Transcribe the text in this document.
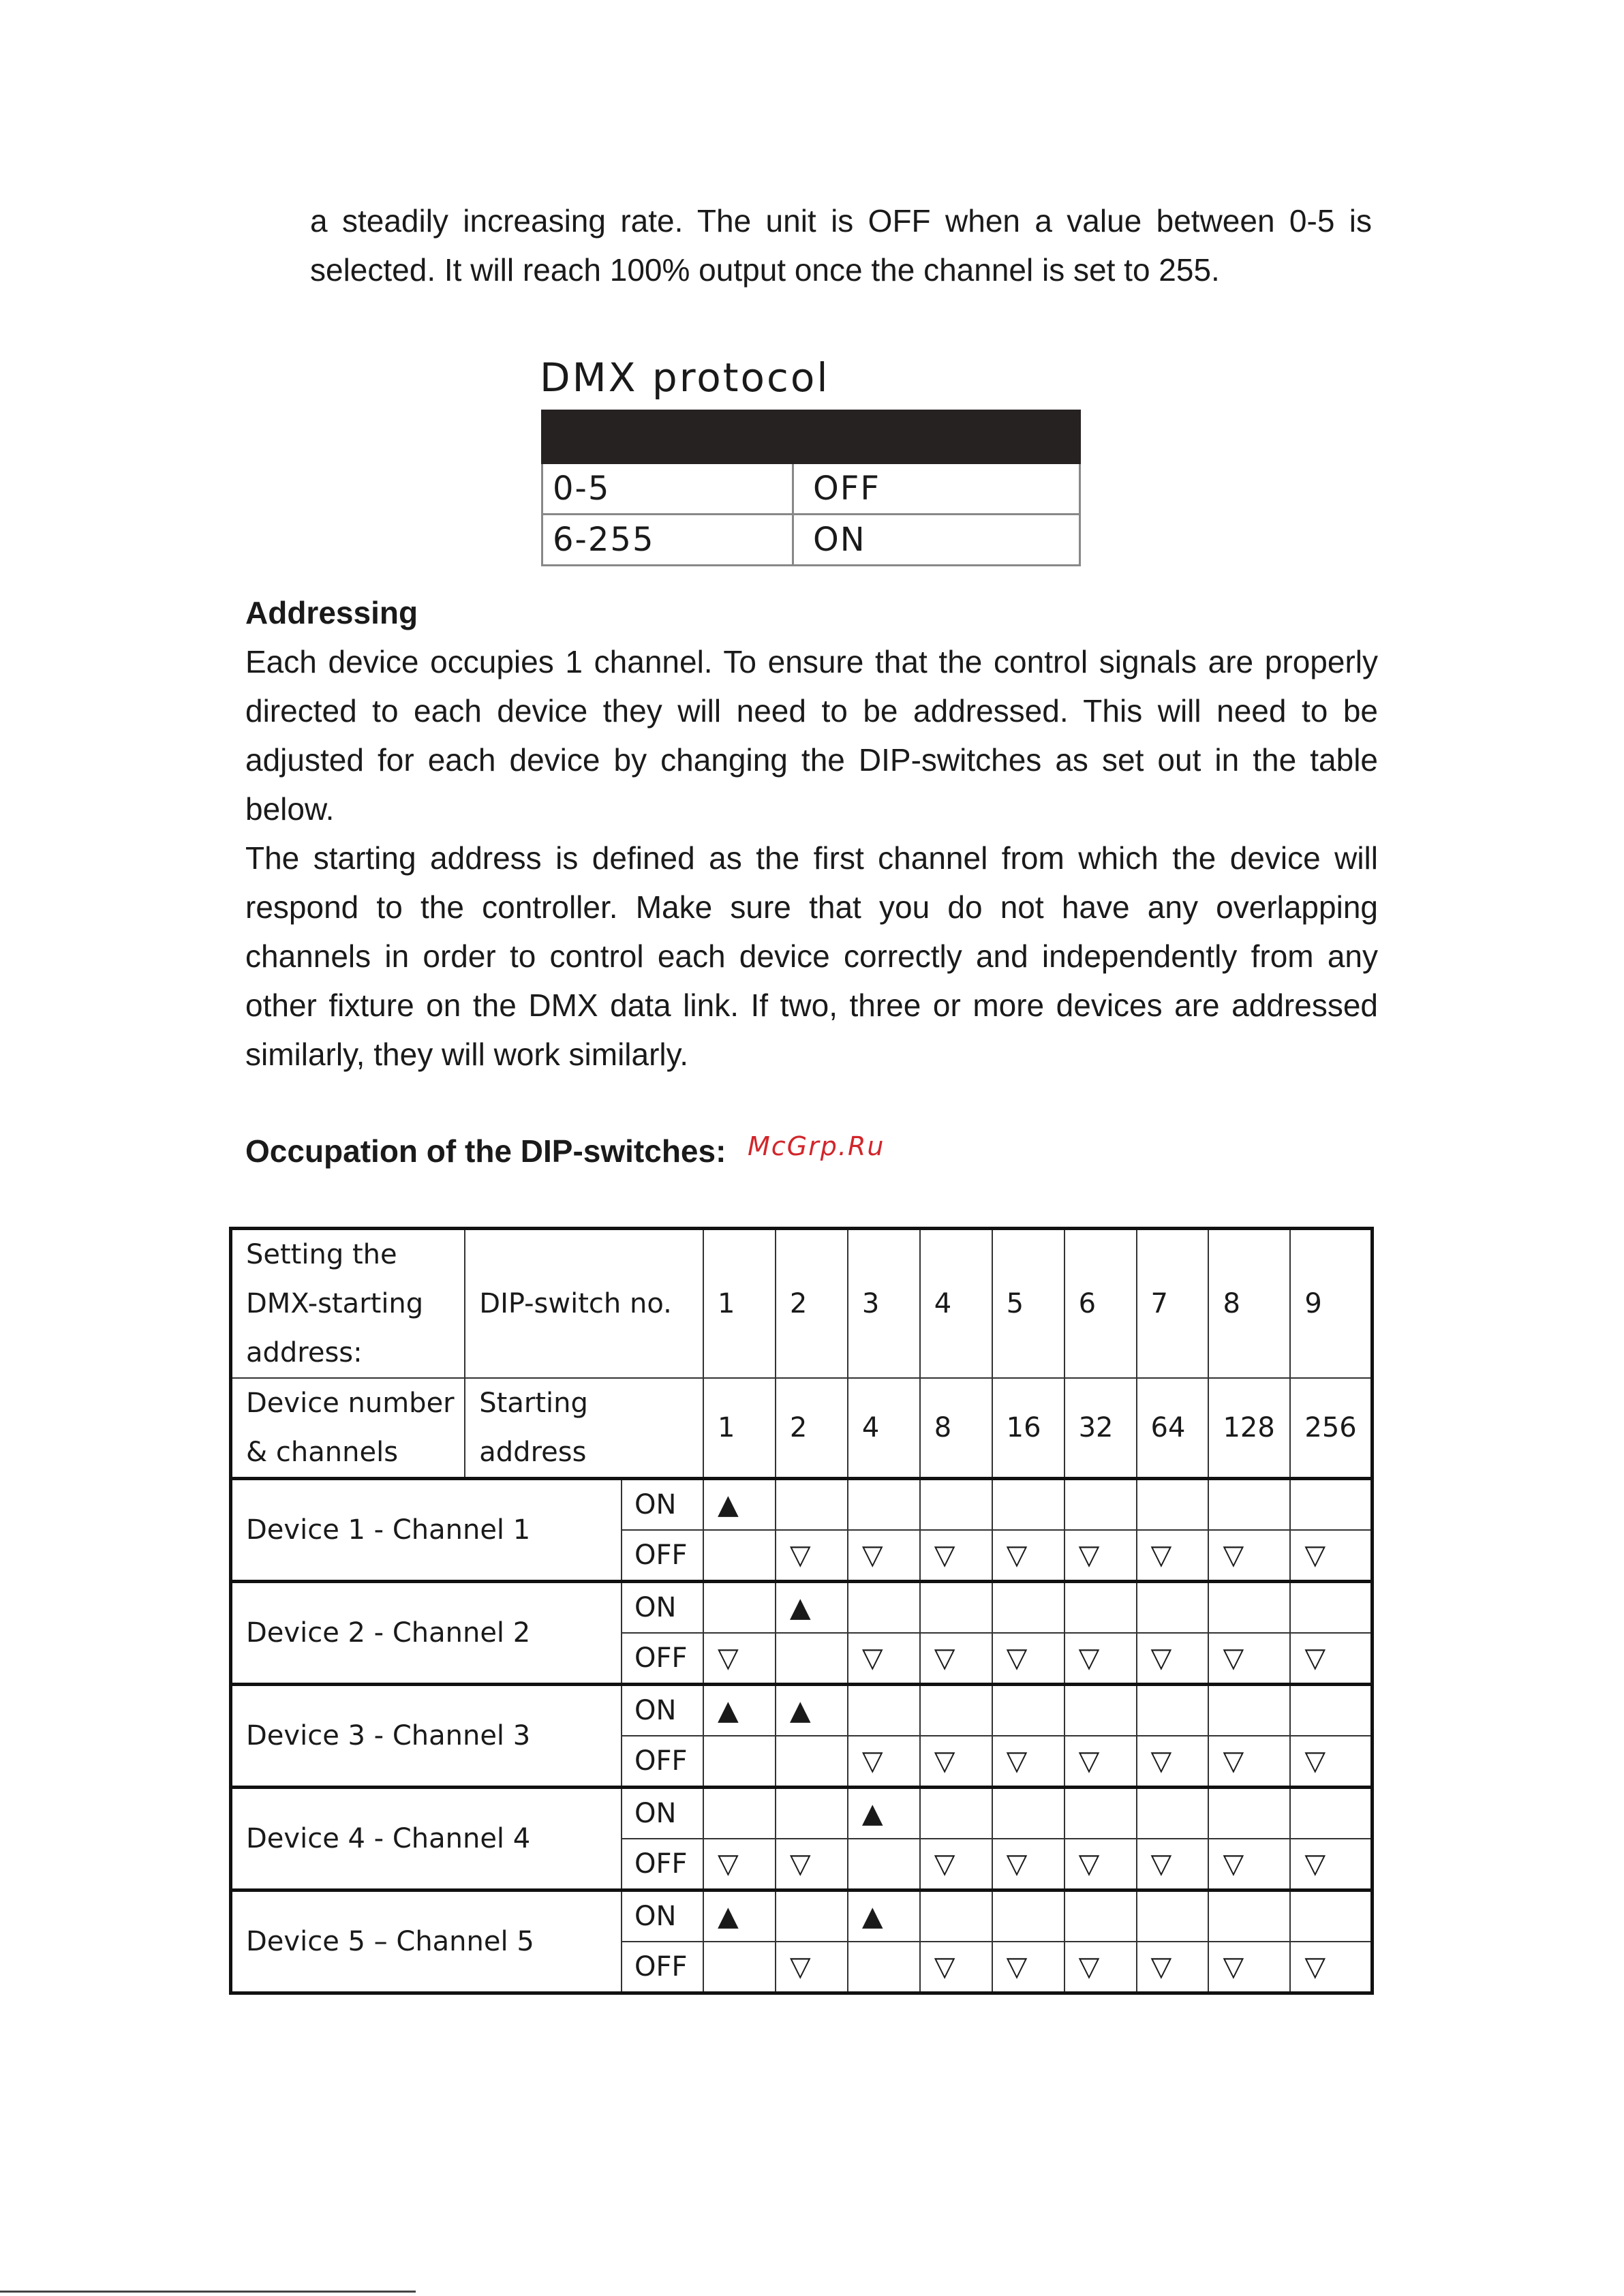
a steadily increasing rate. The unit is OFF when a value between 0-5 is selected. It will reach 100% output once the channel is set to 255.

DMX protocol

0-5	OFF
6-255	ON
Addressing

Each device occupies 1 channel. To ensure that the control signals are properly directed to each device they will need to be addressed. This will need to be adjusted for each device by changing the DIP-switches as set out in the table below.

The starting address is defined as the first channel from which the device will respond to the controller. Make sure that you do not have any overlapping channels in order to control each device correctly and independently from any other fixture on the DMX data link. If two, three or more devices are addressed similarly, they will work similarly.

Occupation of the DIP-switches: McGrp.Ru
Setting the DMX-starting address:	DIP-switch no.		1	2	3	4	5	6	7	8	9
Device number & channels	Starting address		1	2	4	8	16	32	64	128	256
Device 1 - Channel 1		ON	▲								
		OFF		▽	▽	▽	▽	▽	▽	▽	▽
Device 2 - Channel 2		ON		▲							
		OFF	▽		▽	▽	▽	▽	▽	▽	▽
Device 3 - Channel 3		ON	▲	▲							
		OFF			▽	▽	▽	▽	▽	▽	▽
Device 4 - Channel 4		ON			▲						
		OFF	▽	▽		▽	▽	▽	▽	▽	▽
Device 5 – Channel 5		ON	▲		▲						
		OFF		▽		▽	▽	▽	▽	▽	▽
